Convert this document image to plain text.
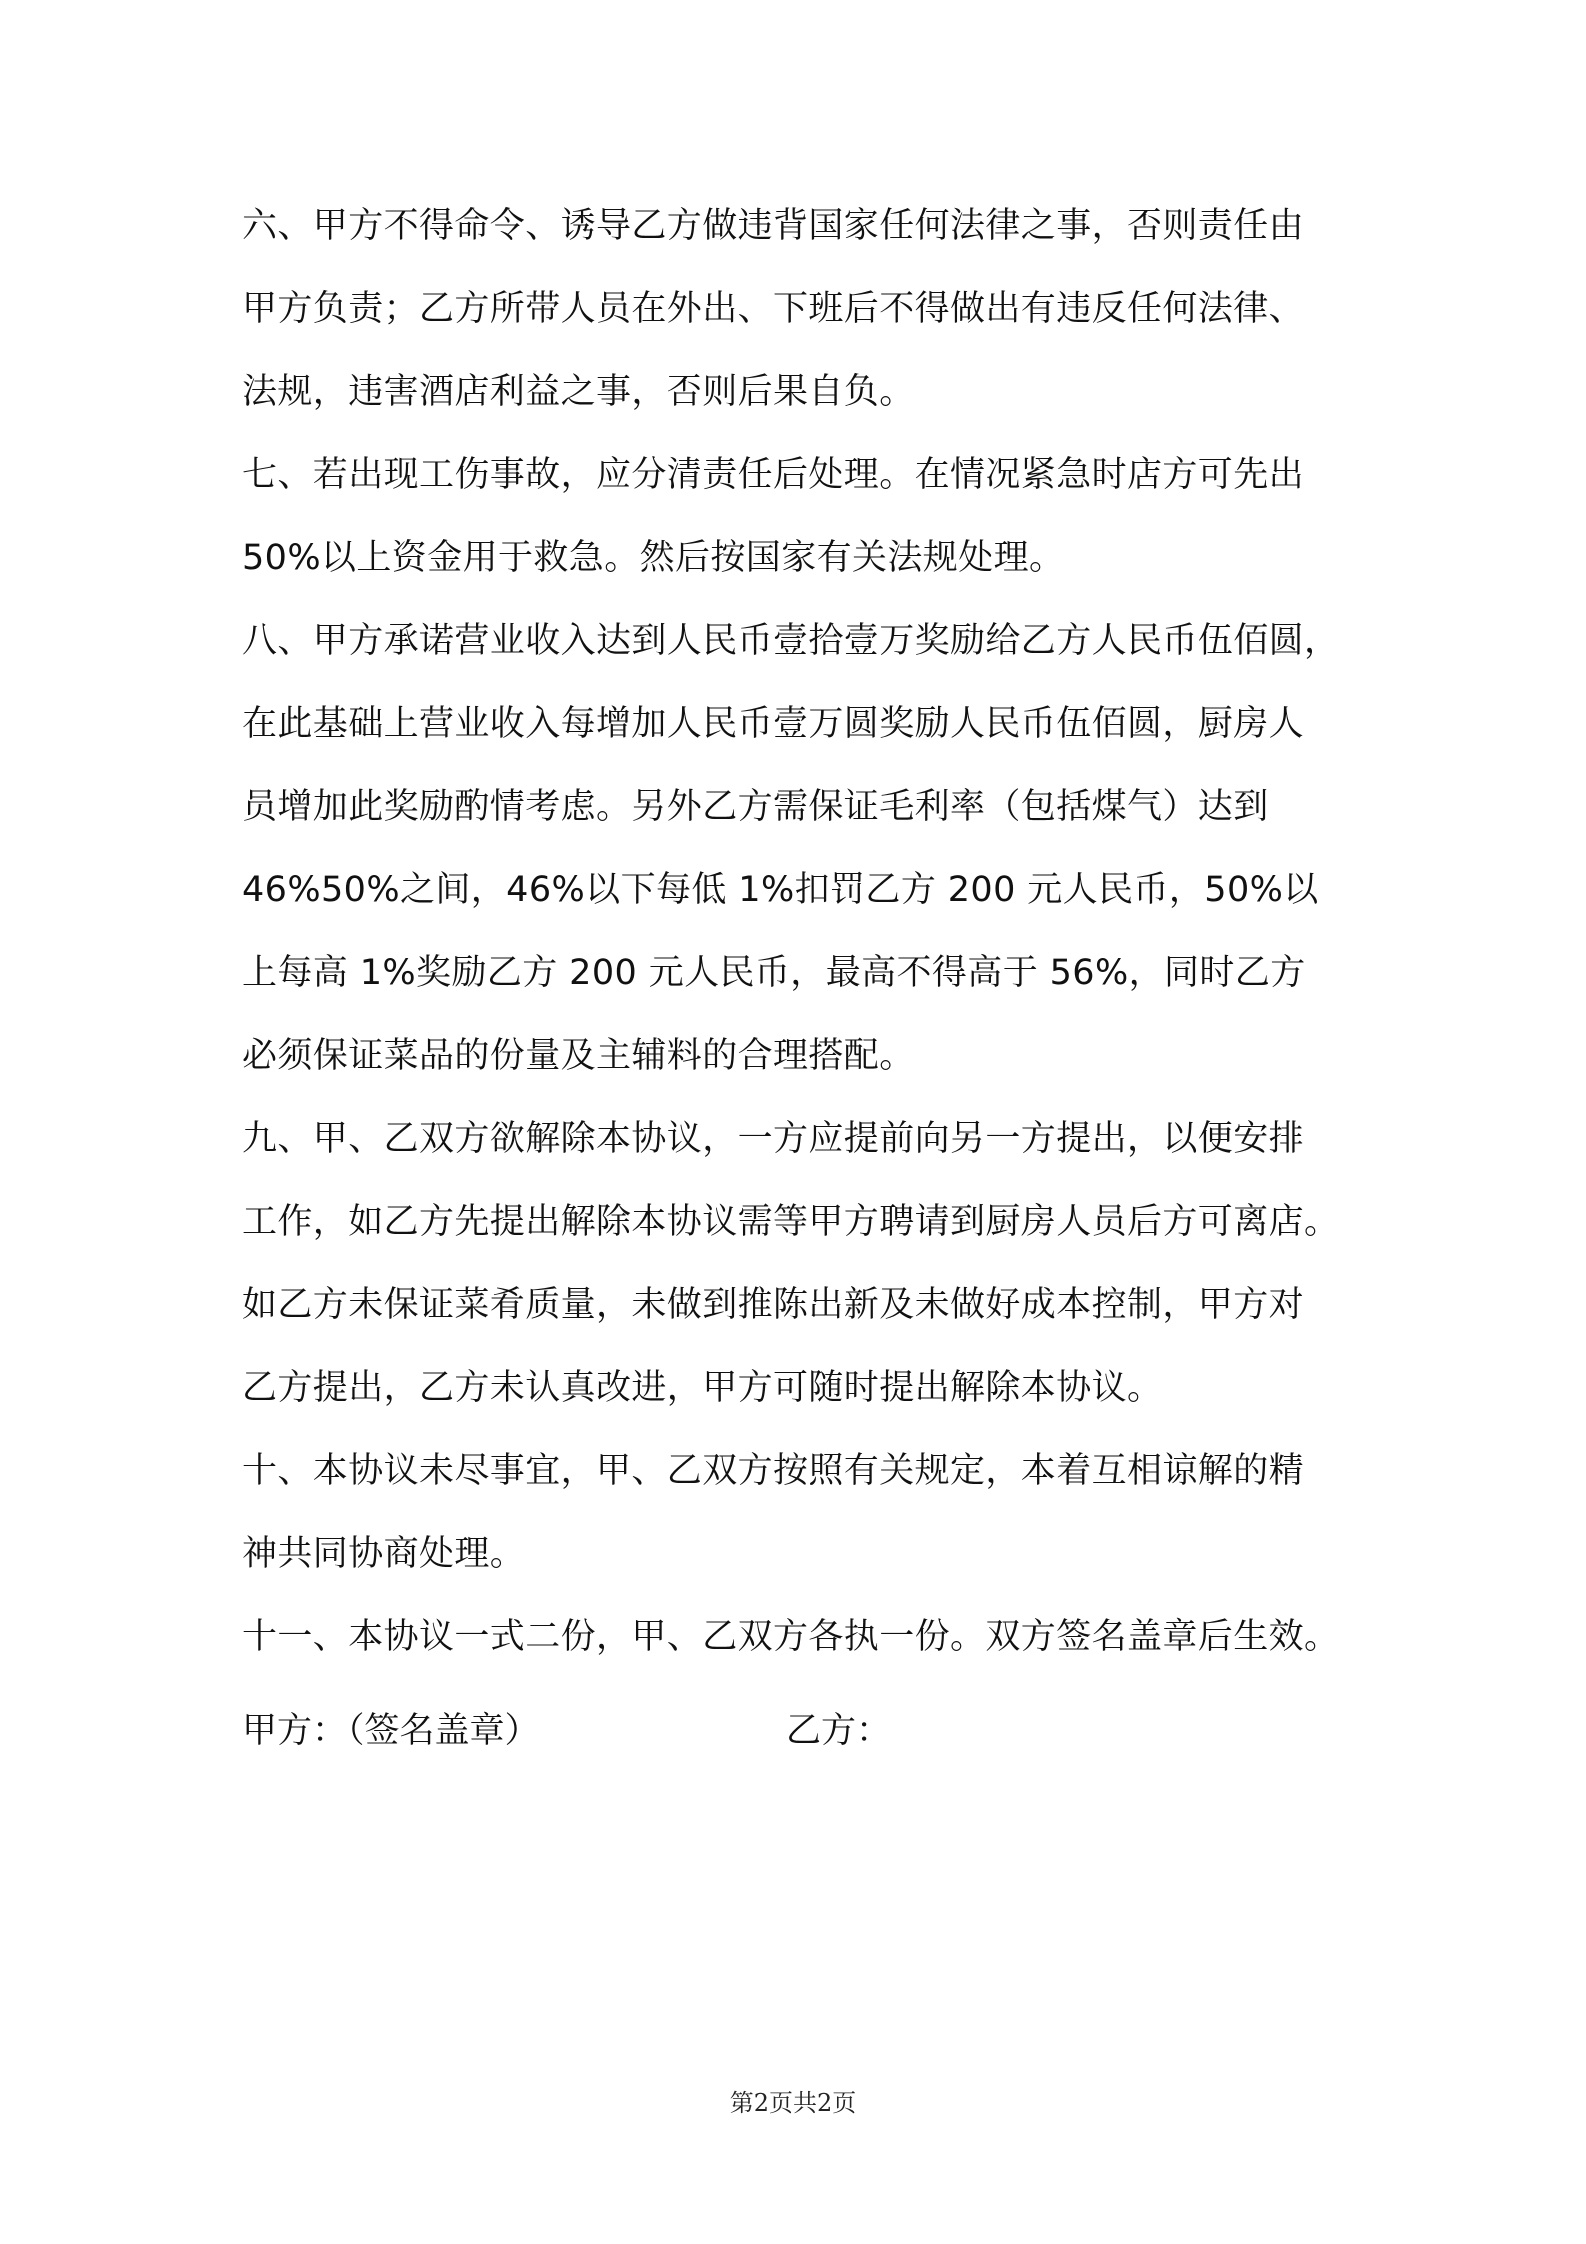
六、甲方不得命令、诱导乙方做违背国家任何法律之事，否则责任由
甲方负责；乙方所带人员在外出、下班后不得做出有违反任何法律、
法规，违害酒店利益之事，否则后果自负。
七、若出现工伤事故，应分清责任后处理。在情况紧急时店方可先出
50%以上资金用于救急。然后按国家有关法规处理。
八、甲方承诺营业收入达到人民币壹拾壹万奖励给乙方人民币伍佰圆，
在此基础上营业收入每增加人民币壹万圆奖励人民币伍佰圆，厨房人
员增加此奖励酌情考虑。另外乙方需保证毛利率（包括煤气）达到
46%50%之间，46%以下每低 1%扣罚乙方 200 元人民币，50%以
上每高 1%奖励乙方 200 元人民币，最高不得高于 56%，同时乙方
必须保证菜品的份量及主辅料的合理搭配。
九、甲、乙双方欲解除本协议，一方应提前向另一方提出，以便安排
工作，如乙方先提出解除本协议需等甲方聘请到厨房人员后方可离店。
如乙方未保证菜肴质量，未做到推陈出新及未做好成本控制，甲方对
乙方提出，乙方未认真改进，甲方可随时提出解除本协议。
十、本协议未尽事宜，甲、乙双方按照有关规定，本着互相谅解的精
神共同协商处理。
十一、本协议一式二份，甲、乙双方各执一份。双方签名盖章后生效。
甲方：（签名盖章）	乙方：
第2页共2页
